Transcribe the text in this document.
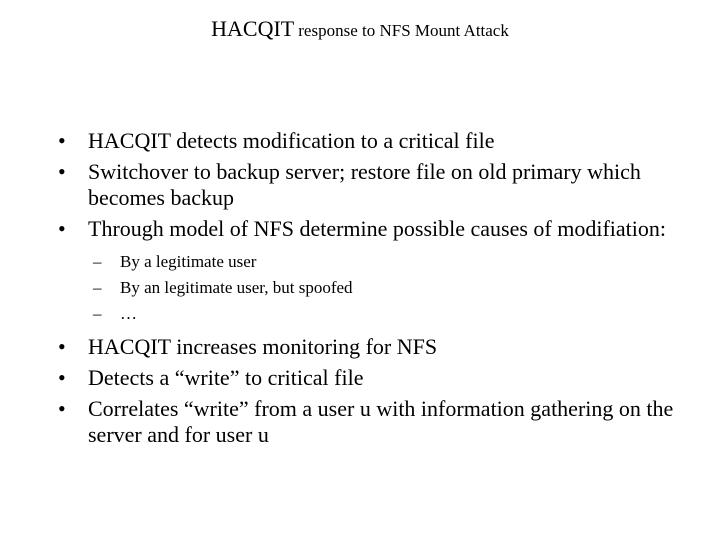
HACQIT response to NFS Mount Attack
•	HACQIT detects modification to a critical file
•	Switchover to backup server; restore file on old primary which becomes backup
•	Through model of NFS determine possible causes of modifiation:
– By a legitimate user
– By an legitimate user, but spoofed
– …
•	HACQIT increases monitoring for NFS
•	Detects a “write” to critical file
•	Correlates “write” from a user u with information gathering on the server and for user u
